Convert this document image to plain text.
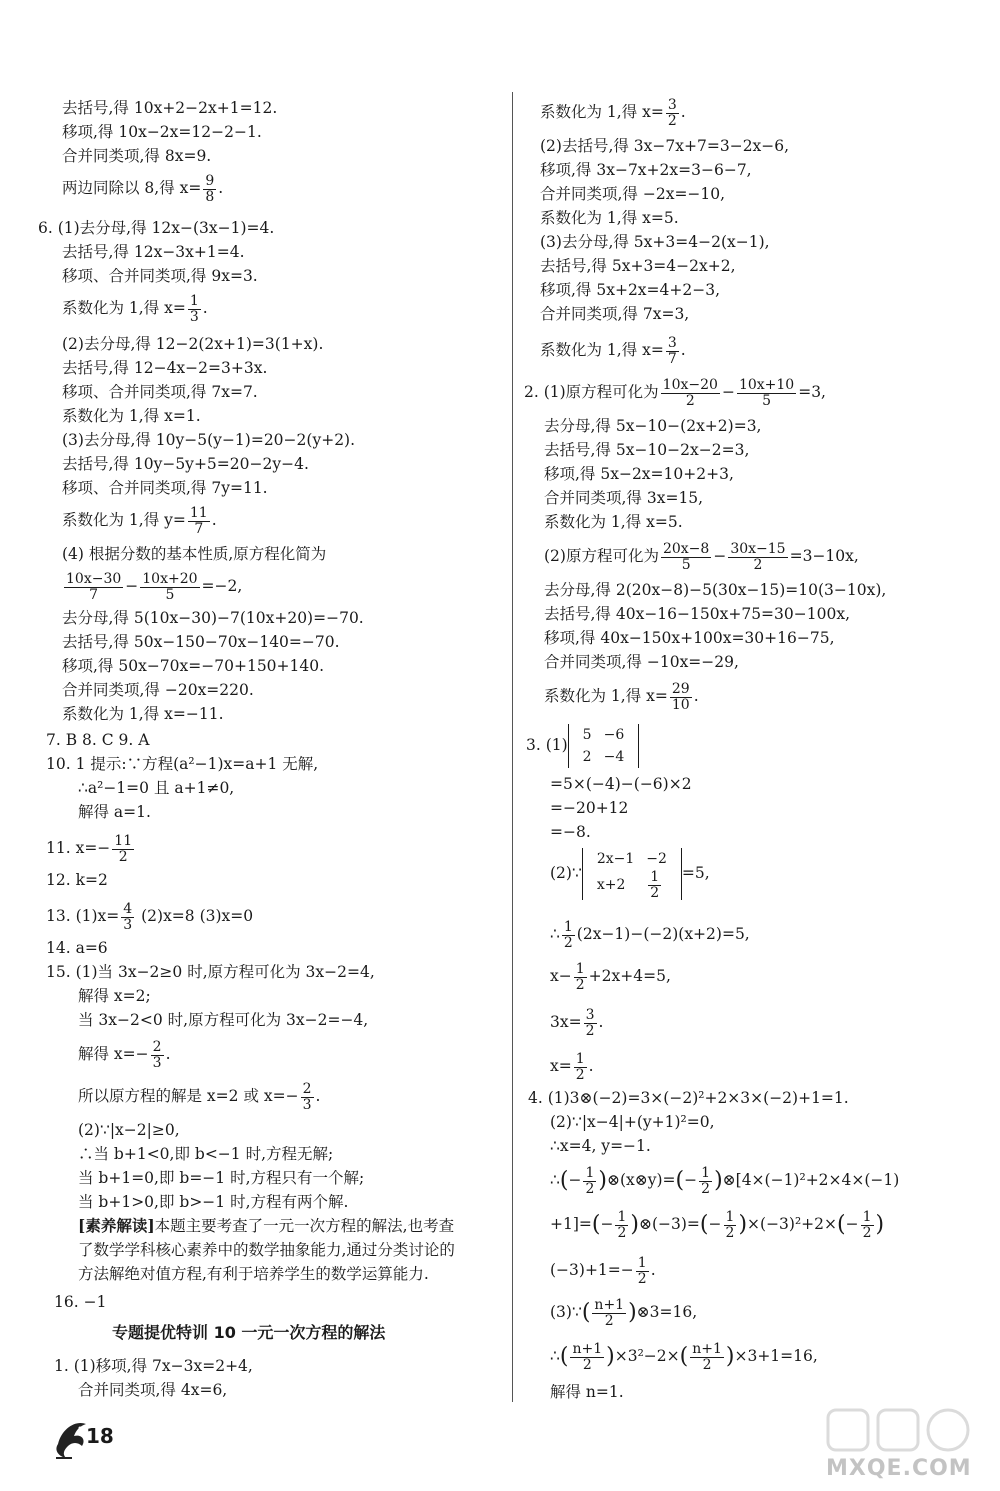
去括号,得 10x+2−2x+1=12.
移项,得 10x−2x=12−2−1.
合并同类项,得 8x=9.
两边同除以 8,得 $x= \frac{9}{8}$ .
6. (1)去分母,得 12x−(3x−1)=4.
去括号,得 12x−3x+1=4.
移项、合并同类项,得 9x=3.
系数化为 1,得 $x= \frac{1}{3}$ .
(2)去分母,得 12−2(2x+1)=3(1+x).
去括号,得 12−4x−2=3+3x.
移项、合并同类项,得 7x=7.
系数化为 1,得 x=1.
(3)去分母,得 10y−5(y−1)=20−2(y+2).
去括号,得 10y−5y+5=20−2y−4.
移项、合并同类项,得 7y=11.
系数化为 1,得 $y= \frac{11}{7}$ .
(4) 根据分数的基本性质,原方程化简为
$\frac{10x-30}{7} - \frac{10x+20}{5} =-2$,
去分母,得 5(10x−30)−7(10x+20)=−70.
去括号,得 50x−150−70x−140=−70.
移项,得 50x−70x=−70+150+140.
合并同类项,得 −20x=220.
系数化为 1,得 x=−11.
7. B 8. C 9. A
10. 1 提示:∵方程(a²−1)x=a+1 无解,
∴a²−1=0 且 a+1≠0,
解得 a=1.
11. $x=- \frac{11}{2}$
12. k=2
13. $(1)x= \frac{4}{3} (2)x=8$ (3)x=0
14. a=6
15. (1)当 3x−2≥0 时,原方程可化为 3x−2=4,
解得 x=2;
当 3x−2<0 时,原方程可化为 3x−2=−4,
解得 $x=- \frac{2}{3}$ .
所以原方程的解是 x=2 或 $x=- \frac{2}{3}$ .
(2)∵|x−2|≥0,
∴当 b+1<0,即 b<−1 时,方程无解;
当 b+1=0,即 b=−1 时,方程只有一个解;
当 b+1>0,即 b>−1 时,方程有两个解.
[素养解读]本题主要考查了一元一次方程的解法,也考查
了数学学科核心素养中的数学抽象能力,通过分类讨论的
方法解绝对值方程,有利于培养学生的数学运算能力.
16. −1
专题提优特训 10 一元一次方程的解法
1. (1)移项,得 7x−3x=2+4,
合并同类项,得 4x=6,
系数化为 1,得 $x= \frac{3}{2}$ .
(2)去括号,得 3x−7x+7=3−2x−6,
移项,得 3x−7x+2x=3−6−7,
合并同类项,得 −2x=−10,
系数化为 1,得 x=5.
(3)去分母,得 5x+3=4−2(x−1),
去括号,得 5x+3=4−2x+2,
移项,得 5x+2x=4+2−3,
合并同类项,得 7x=3,
系数化为 1,得 $x= \frac{3}{7}$ .
2. (1)原方程可化为 $\frac{10x-20}{2} - \frac{10x+10}{5} =3$,
去分母,得 5x−10−(2x+2)=3,
去括号,得 5x−10−2x−2=3,
移项,得 5x−2x=10+2+3,
合并同类项,得 3x=15,
系数化为 1,得 x=5.
(2)原方程可化为 $\frac{20x-8}{5} - \frac{30x-15}{2} =3-10x$,
去分母,得 2(20x−8)−5(30x−15)=10(3−10x),
去括号,得 40x−16−150x+75=30−100x,
移项,得 40x−150x+100x=30+16−75,
合并同类项,得 −10x=−29,
系数化为 1,得 $x= \frac{29}{10}$ .
3. (1)
5	−6
2	−4
=5×(−4)−(−6)×2
=−20+12
=−8.
(2)∵
2x−1	−2
x+2	$\frac{1}{2} =5$,
∴ $\frac{1}{2} (2x-1)-(-2)(x+2)=5$,
$x- \frac{1}{2} +2x+4=5$,
$3x= \frac{3}{2}$ .
$x= \frac{1}{2}$ .
4. (1)3⊗(−2)=3×(−2)²+2×3×(−2)+1=1.
(2)∵|x−4|+(y+1)²=0,
∴x=4, y=−1.
∴(− $\frac{1}{2}$ )⊗(x⊗y)=(− $\frac{1}{2}$ )⊗[4×(−1)²+2×4×(−1)
$+1]=(- \frac{1}{2}$ )⊗(−3)=(− $\frac{1}{2} )\times(-3)^2+2\times(- \frac{1}{2}$ )
$(-3)+1=- \frac{1}{2}$ .
(3)∵( $\frac{n+1}{2}$ )⊗3=16,
∴( $\frac{n+1}{2} )\times 3^2-2\times( \frac{n+1}{2} )\times 3+1=16$,
解得 n=1.
18
MXQE.COM
